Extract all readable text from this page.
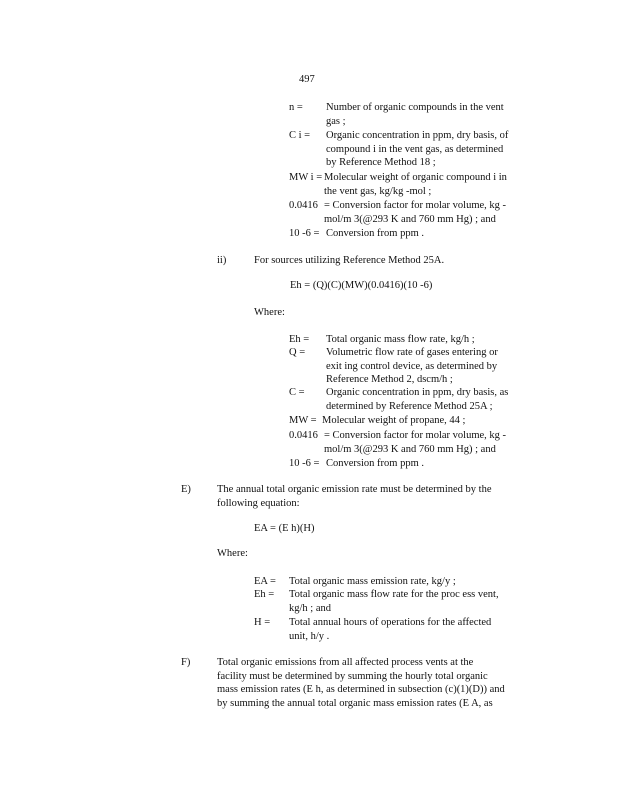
497
n = Number of organic compounds in the vent
gas ;
C i = Organic concentration in ppm, dry basis, of
compound i in the vent gas, as determined
by Reference Method 18 ;
MW i = Molecular weight of organic compound i in
the vent gas, kg/kg -mol ;
0.0416 = Conversion factor for molar volume, kg -
mol/m 3(@293 K and 760 mm Hg) ; and
10 -6 = Conversion from ppm .
ii)	For sources utilizing Reference Method 25A.
Eh = (Q)(C)(MW)(0.0416)(10 -6)
Where:
Eh = Total organic mass flow rate, kg/h ;
Q = Volumetric flow rate of gases entering or
exit ing control device, as determined by
Reference Method 2, dscm/h ;
C = Organic concentration in ppm, dry basis, as
determined by Reference Method 25A ;
MW = Molecular weight of propane, 44 ;
0.0416 = Conversion factor for molar volume, kg -
mol/m 3(@293 K and 760 mm Hg) ; and
10 -6 = Conversion from ppm .
E) The annual total organic emission rate must be determined by the
following equation:
EA = (E h)(H)
Where:
EA = Total organic mass emission rate, kg/y ;
Eh = Total organic mass flow rate for the proc ess vent,
kg/h ; and
H = Total annual hours of operations for the affected
unit, h/y .
F)	Total organic emissions from all affected process vents at the
facility must be determined by summing the hourly total organic
mass emission rates (E h, as determined in subsection (c)(1)(D)) and
by summing the annual total organic mass emission rates (E A, as
